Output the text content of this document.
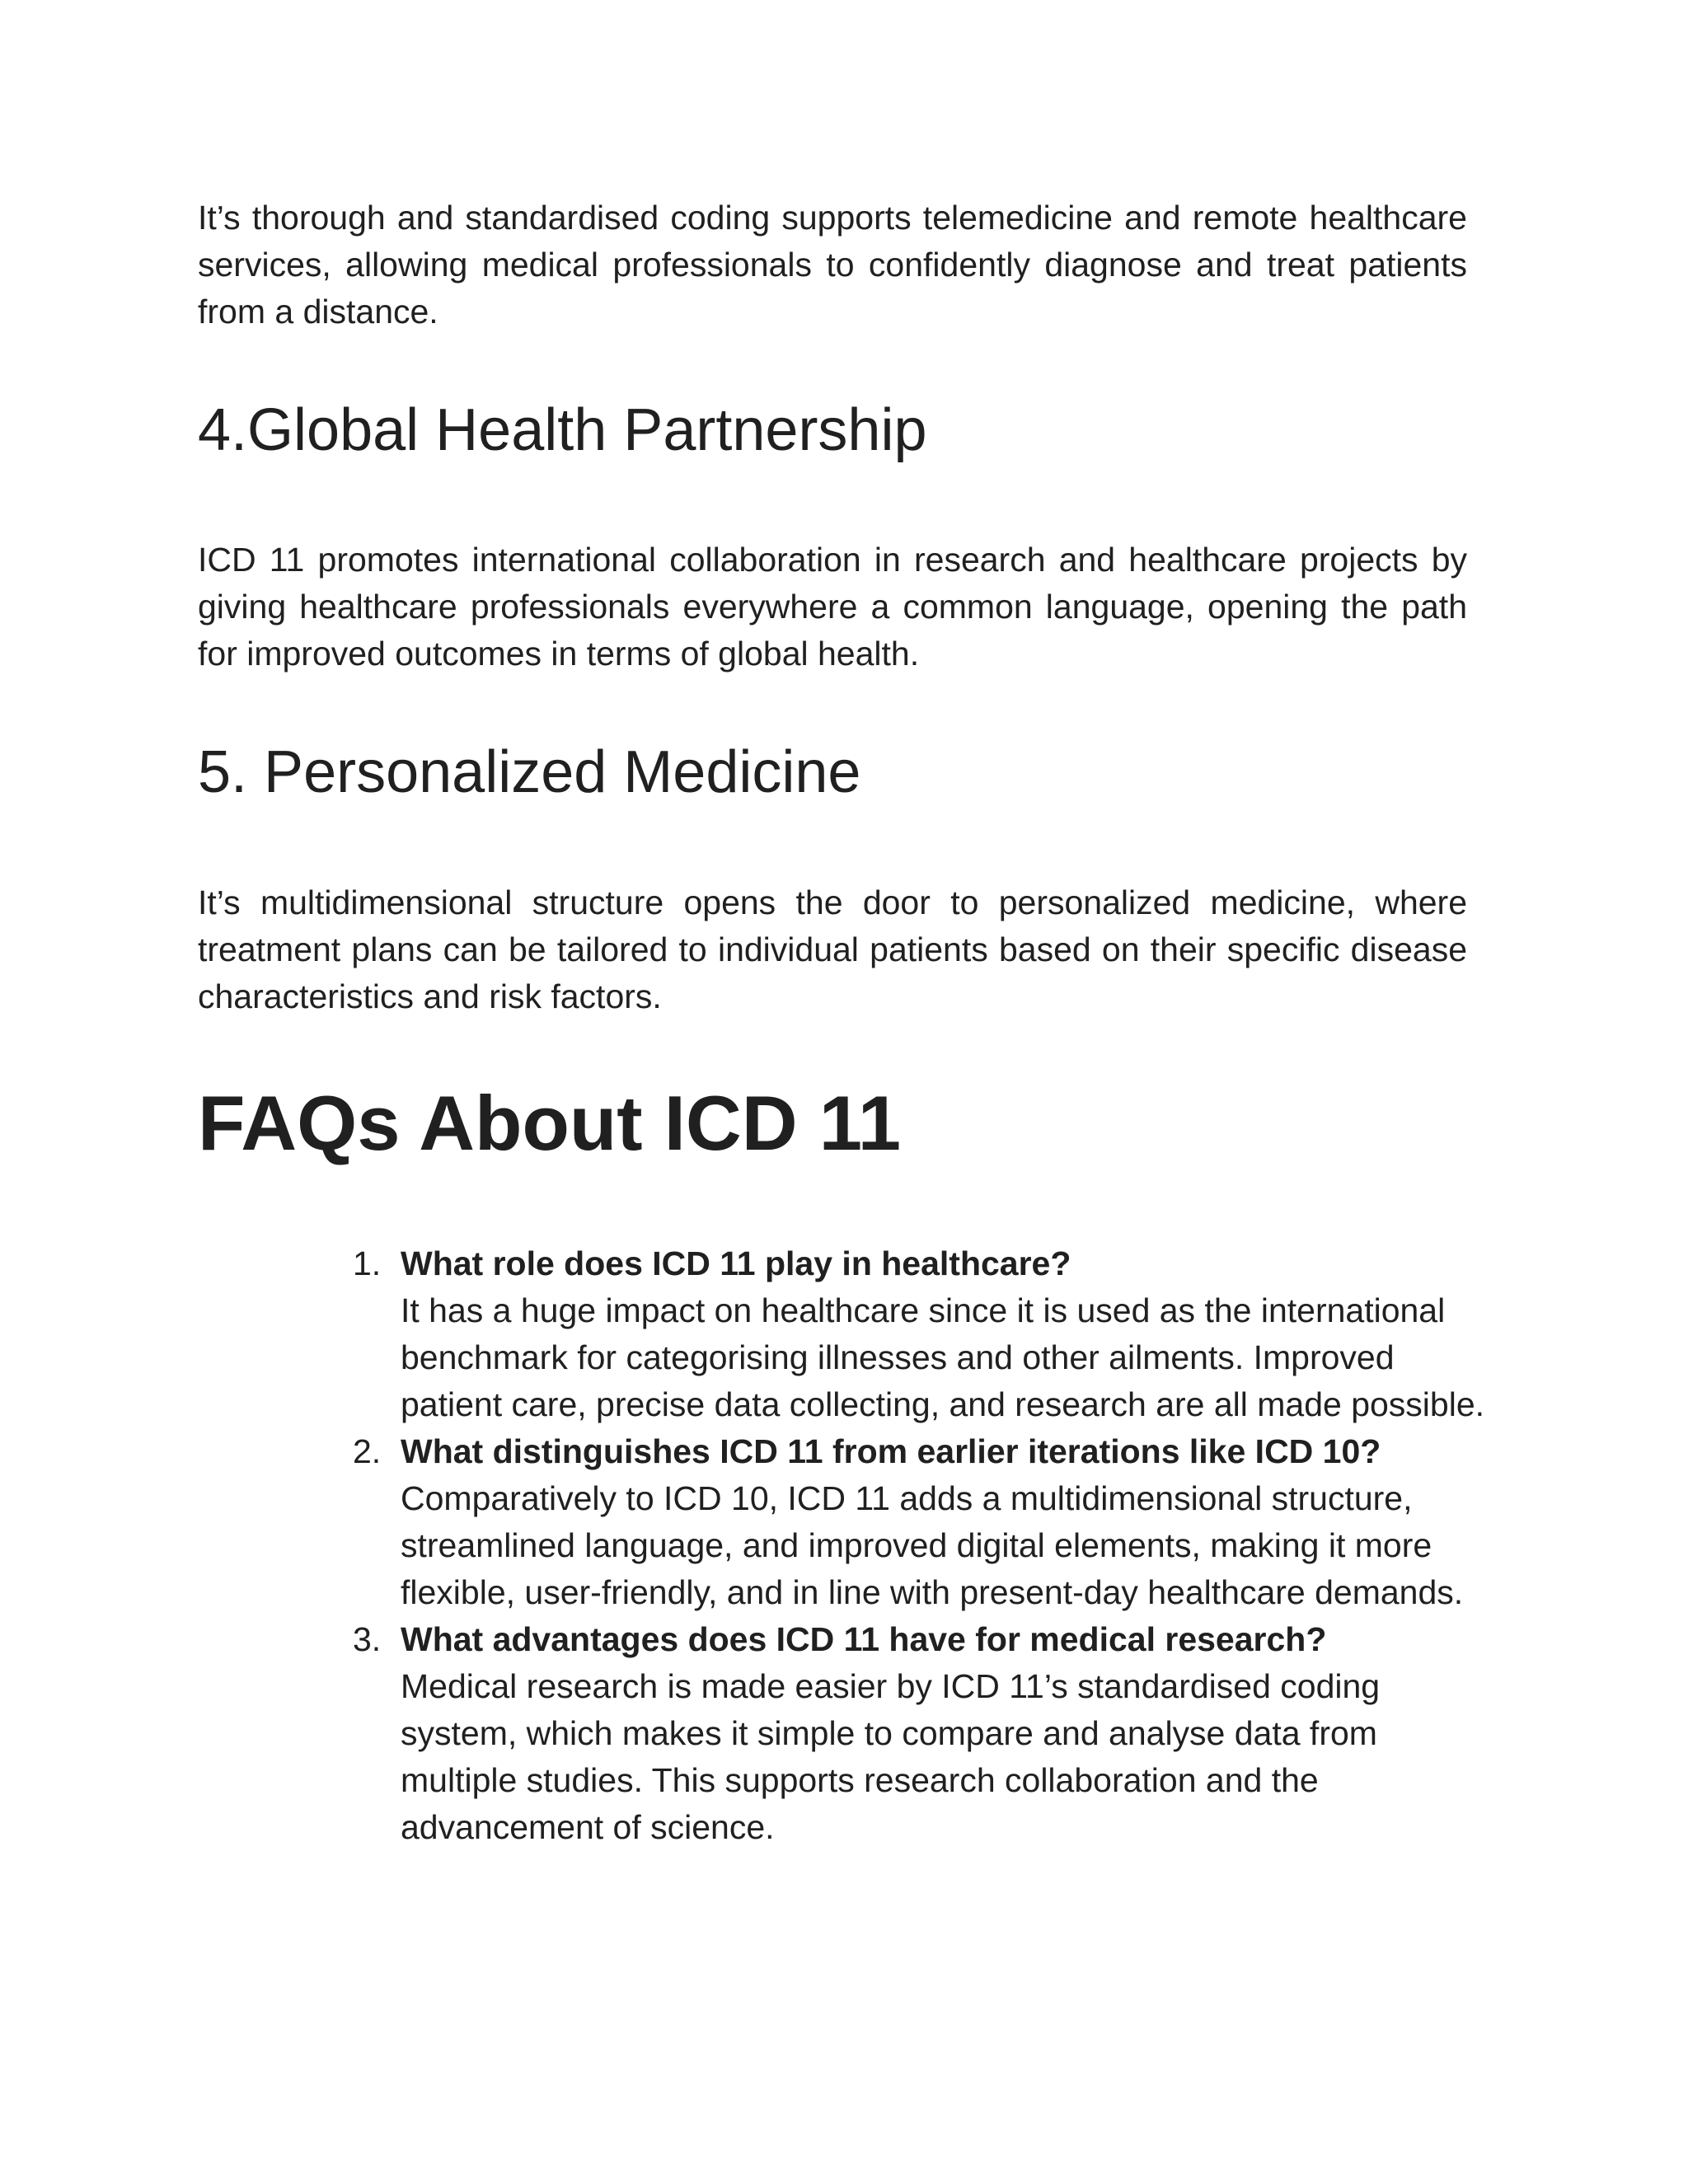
It’s thorough and standardised coding supports telemedicine and remote healthcare services, allowing medical professionals to confidently diagnose and treat patients from a distance.

4.Global Health Partnership

ICD 11 promotes international collaboration in research and healthcare projects by giving healthcare professionals everywhere a common language, opening the path for improved outcomes in terms of global health.

5. Personalized Medicine

It’s multidimensional structure opens the door to personalized medicine, where treatment plans can be tailored to individual patients based on their specific disease characteristics and risk factors.

FAQs About ICD 11
1. What role does ICD 11 play in healthcare?
It has a huge impact on healthcare since it is used as the international benchmark for categorising illnesses and other ailments. Improved patient care, precise data collecting, and research are all made possible.
2. What distinguishes ICD 11 from earlier iterations like ICD 10?
Comparatively to ICD 10, ICD 11 adds a multidimensional structure, streamlined language, and improved digital elements, making it more flexible, user-friendly, and in line with present-day healthcare demands.
3. What advantages does ICD 11 have for medical research?
Medical research is made easier by ICD 11’s standardised coding system, which makes it simple to compare and analyse data from multiple studies. This supports research collaboration and the advancement of science.
